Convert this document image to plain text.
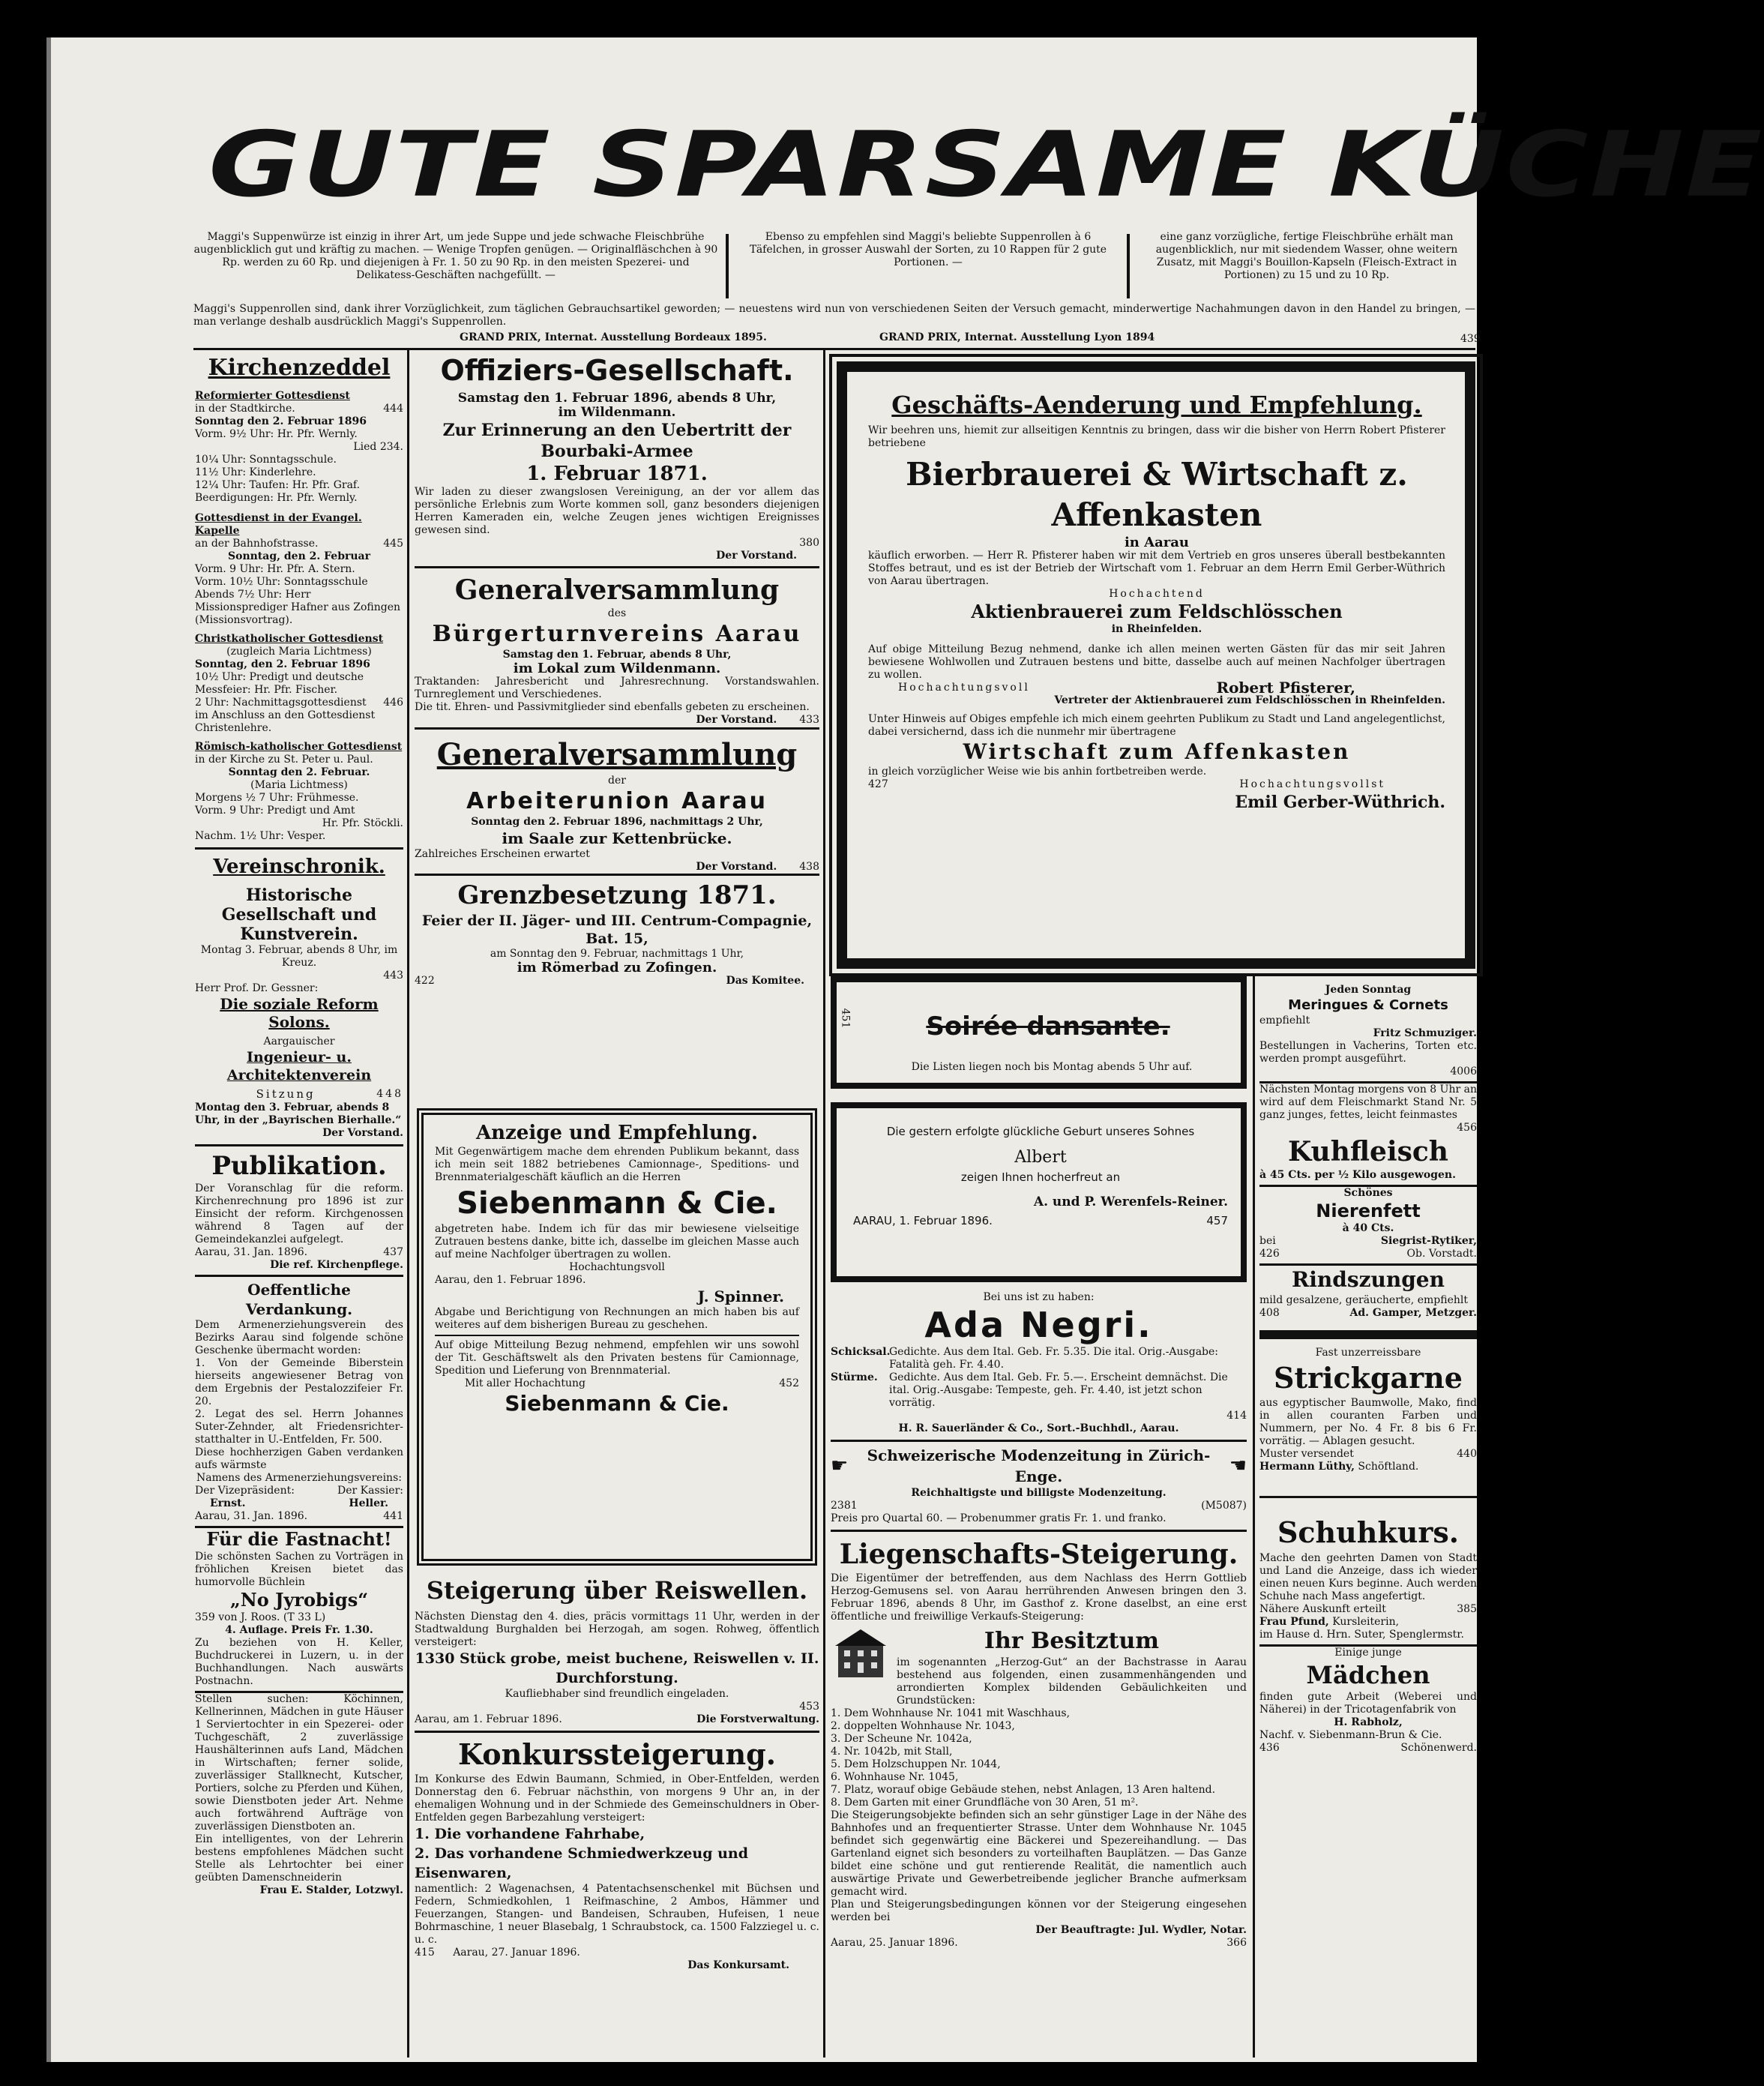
GUTE SPARSAME KÜCHE
Maggi's Suppenwürze ist einzig in ihrer Art, um jede Suppe und jede schwache Fleischbrühe augenblicklich gut und kräftig zu machen. — Wenige Tropfen genügen. — Originalfläschchen à 90 Rp. werden zu 60 Rp. und diejenigen à Fr. 1. 50 zu 90 Rp. in den meisten Spezerei- und Delikatess-Geschäften nachgefüllt. —
Ebenso zu empfehlen sind Maggi's beliebte Suppenrollen à 6 Täfelchen, in grosser Auswahl der Sorten, zu 10 Rappen für 2 gute Portionen. —
eine ganz vorzügliche, fertige Fleischbrühe erhält man augenblicklich, nur mit siedendem Wasser, ohne weitern Zusatz, mit Maggi's Bouillon-Kapseln (Fleisch-Extract in Portionen) zu 15 und zu 10 Rp.
Maggi's Suppenrollen sind, dank ihrer Vorzüglichkeit, zum täglichen Gebrauchsartikel geworden; — neuestens wird nun von verschiedenen Seiten der Versuch gemacht, minderwertige Nachahmungen davon in den Handel zu bringen, — man verlange deshalb ausdrücklich Maggi's Suppenrollen.
GRAND PRIX, Internat. Ausstellung Bordeaux 1895.	GRAND PRIX, Internat. Ausstellung Lyon 1894	439
Kirchenzeddel
Reformierter Gottesdienst
in der Stadtkirche.	444
Sonntag den 2. Februar 1896
Vorm. 9½ Uhr: Hr. Pfr. Wernly.
Lied 234.
10¼ Uhr: Sonntagsschule.
11½ Uhr: Kinderlehre.
12¼ Uhr: Taufen: Hr. Pfr. Graf.
Beerdigungen: Hr. Pfr. Wernly.
Gottesdienst in der Evangel. Kapelle
an der Bahnhofstrasse.	445
Sonntag, den 2. Februar
Vorm. 9 Uhr: Hr. Pfr. A. Stern.
Vorm. 10½ Uhr: Sonntagsschule
Abends 7½ Uhr: Herr Missionsprediger Hafner aus Zofingen (Missionsvortrag).
Christkatholischer Gottesdienst
(zugleich Maria Lichtmess)
Sonntag, den 2. Februar 1896
10½ Uhr: Predigt und deutsche Messfeier: Hr. Pfr. Fischer.
2 Uhr: Nachmittagsgottesdienst 446
im Anschluss an den Gottesdienst Christenlehre.
Römisch-katholischer Gottesdienst
in der Kirche zu St. Peter u. Paul.
Sonntag den 2. Februar.
(Maria Lichtmess)
Morgens ½ 7 Uhr: Frühmesse.
Vorm. 9 Uhr: Predigt und Amt
Hr. Pfr. Stöckli.
Nachm. 1½ Uhr: Vesper.
Vereinschronik.
Historische Gesellschaft und Kunstverein.
Montag 3. Februar, abends 8 Uhr, im Kreuz.
443
Herr Prof. Dr. Gessner:
Die soziale Reform Solons.
Aargauischer
Ingenieur- u. Architektenverein
Sitzung	448
Montag den 3. Februar, abends 8 Uhr, in der „Bayrischen Bierhalle.“
Der Vorstand.
Publikation.
Der Voranschlag für die reform. Kirchenrechnung pro 1896 ist zur Einsicht der reform. Kirchgenossen während 8 Tagen auf der Gemeindekanzlei aufgelegt.
Aarau, 31. Jan. 1896.	437
Die ref. Kirchenpflege.
Oeffentliche Verdankung.
Dem Armenerziehungsverein des Bezirks Aarau sind folgende schöne Geschenke übermacht worden:
1. Von der Gemeinde Biberstein hierseits angewiesener Betrag von dem Ergebnis der Pestalozzifeier Fr. 20.
2. Legat des sel. Herrn Johannes Suter-Zehnder, alt Friedensrichter-statthalter in U.-Entfelden, Fr. 500.
Diese hochherzigen Gaben verdanken aufs wärmste
Namens des Armenerziehungsvereins:
Der Vizepräsident:	Der Kassier:
Ernst.	Heller.
Aarau, 31. Jan. 1896.	441
Für die Fastnacht!
Die schönsten Sachen zu Vorträgen in fröhlichen Kreisen bietet das humorvolle Büchlein
„No Jyrobigs“
359 von J. Roos. (T 33 L)
4. Auflage. Preis Fr. 1.30.
Zu beziehen von H. Keller, Buchdruckerei in Luzern, u. in der Buchhandlungen. Nach auswärts Postnachn.
Stellen suchen: Köchinnen, Kellnerinnen, Mädchen in gute Häuser 1 Serviertochter in ein Spezerei- oder Tuchgeschäft, 2 zuverlässige Haushälterinnen aufs Land, Mädchen in Wirtschaften; ferner solide, zuverlässiger Stallknecht, Kutscher, Portiers, solche zu Pferden und Kühen, sowie Dienstboten jeder Art. Nehme auch fortwährend Aufträge von zuverlässigen Dienstboten an.
Ein intelligentes, von der Lehrerin bestens empfohlenes Mädchen sucht Stelle als Lehrtochter bei einer geübten Damenschneiderin
Frau E. Stalder, Lotzwyl.
Offiziers-Gesellschaft.
Samstag den 1. Februar 1896, abends 8 Uhr,
im Wildenmann.
Zur Erinnerung an den Uebertritt der Bourbaki-Armee
1. Februar 1871.
Wir laden zu dieser zwangslosen Vereinigung, an der vor allem das persönliche Erlebnis zum Worte kommen soll, ganz besonders diejenigen Herren Kameraden ein, welche Zeugen jenes wichtigen Ereignisses gewesen sind.
380

Der Vorstand.
Generalversammlung
des
Bürgerturnvereins Aarau
Samstag den 1. Februar, abends 8 Uhr,
im Lokal zum Wildenmann.
Traktanden: Jahresbericht und Jahresrechnung. Vorstandswahlen. Turnreglement und Verschiedenes.
Die tit. Ehren- und Passivmitglieder sind ebenfalls gebeten zu erscheinen.
433
Der Vorstand.
Generalversammlung
der
Arbeiterunion Aarau
Sonntag den 2. Februar 1896, nachmittags 2 Uhr,
im Saale zur Kettenbrücke.
Zahlreiches Erscheinen erwartet
438
Der Vorstand.
Grenzbesetzung 1871.
Feier der II. Jäger- und III. Centrum-Compagnie, Bat. 15,
am Sonntag den 9. Februar, nachmittags 1 Uhr,
im Römerbad zu Zofingen.
422	Das Komitee.
Anzeige und Empfehlung.
Mit Gegenwärtigem mache dem ehrenden Publikum bekannt, dass ich mein seit 1882 betriebenes Camionnage-, Speditions- und Brennmaterialgeschäft käuflich an die Herren
Siebenmann & Cie.
abgetreten habe. Indem ich für das mir bewiesene vielseitige Zutrauen bestens danke, bitte ich, dasselbe im gleichen Masse auch auf meine Nachfolger übertragen zu wollen.
Hochachtungsvoll
Aarau, den 1. Februar 1896.
J. Spinner.
Abgabe und Berichtigung von Rechnungen an mich haben bis auf weiteres auf dem bisherigen Bureau zu geschehen.
Auf obige Mitteilung Bezug nehmend, empfehlen wir uns sowohl der Tit. Geschäftswelt als den Privaten bestens für Camionnage, Spedition und Lieferung von Brennmaterial.
Mit aller Hochachtung	452
Siebenmann & Cie.
Steigerung über Reiswellen.
Nächsten Dienstag den 4. dies, präcis vormittags 11 Uhr, werden in der Stadtwaldung Burghalden bei Herzogah, am sogen. Rohweg, öffentlich versteigert:
1330 Stück grobe, meist buchene, Reiswellen v. II. Durchforstung.
Kaufliebhaber sind freundlich eingeladen.
453
Aarau, am 1. Februar 1896.	Die Forstverwaltung.
Konkurssteigerung.
Im Konkurse des Edwin Baumann, Schmied, in Ober-Entfelden, werden Donnerstag den 6. Februar nächsthin, von morgens 9 Uhr an, in der ehemaligen Wohnung und in der Schmiede des Gemeinschuldners in Ober-Entfelden gegen Barbezahlung versteigert:
1. Die vorhandene Fahrhabe,
2. Das vorhandene Schmiedwerkzeug und Eisenwaren,
namentlich: 2 Wagenachsen, 4 Patentachsenschenkel mit Büchsen und Federn, Schmiedkohlen, 1 Reifmaschine, 2 Ambos, Hämmer und Feuerzangen, Stangen- und Bandeisen, Schrauben, Hufeisen, 1 neue Bohrmaschine, 1 neuer Blasebalg, 1 Schraubstock, ca. 1500 Falzziegel u. c. u. c.
415 Aarau, 27. Januar 1896.
Das Konkursamt.
Geschäfts-Aenderung und Empfehlung.
Wir beehren uns, hiemit zur allseitigen Kenntnis zu bringen, dass wir die bisher von Herrn Robert Pfisterer betriebene
Bierbrauerei & Wirtschaft z. Affenkasten
in Aarau
käuflich erworben. — Herr R. Pfisterer haben wir mit dem Vertrieb en gros unseres überall bestbekannten Stoffes betraut, und es ist der Betrieb der Wirtschaft vom 1. Februar an dem Herrn Emil Gerber-Wüthrich von Aarau übertragen.
Hochachtend
Aktienbrauerei zum Feldschlösschen
in Rheinfelden.
Auf obige Mitteilung Bezug nehmend, danke ich allen meinen werten Gästen für das mir seit Jahren bewiesene Wohlwollen und Zutrauen bestens und bitte, dasselbe auch auf meinen Nachfolger übertragen zu wollen.
Hochachtungsvoll	Robert Pfisterer,
Vertreter der Aktienbrauerei zum Feldschlösschen in Rheinfelden.
Unter Hinweis auf Obiges empfehle ich mich einem geehrten Publikum zu Stadt und Land angelegentlichst, dabei versichernd, dass ich die nunmehr mir übertragene
Wirtschaft zum Affenkasten
in gleich vorzüglicher Weise wie bis anhin fortbetreiben werde.
427	Hochachtungsvollst
Emil Gerber-Wüthrich.
451	Soirée dansante.
Die Listen liegen noch bis Montag abends 5 Uhr auf.
Die gestern erfolgte glückliche Geburt unseres Sohnes
Albert
zeigen Ihnen hocherfreut an
A. und P. Werenfels-Reiner.
AARAU, 1. Februar 1896.	457
Bei uns ist zu haben:
Ada Negri.
Schicksal.
Gedichte. Aus dem Ital. Geb. Fr. 5.35. Die ital. Orig.-Ausgabe: Fatalità geh. Fr. 4.40.
Stürme.	Gedichte. Aus dem Ital. Geb. Fr. 5.—. Erscheint demnächst. Die ital. Orig.-Ausgabe: Tempeste, geh. Fr. 4.40, ist jetzt schon vorrätig.
414
H. R. Sauerländer & Co., Sort.-Buchhdl., Aarau.
☛	Schweizerische Modenzeitung in Zürich-Enge.	☚
Reichhaltigste und billigste Modenzeitung.
2381	(M5087)
Preis pro Quartal 60. — Probenummer gratis Fr. 1. und franko.
Liegenschafts-Steigerung.
Die Eigentümer der betreffenden, aus dem Nachlass des Herrn Gottlieb Herzog-Gemusens sel. von Aarau herrührenden Anwesen bringen den 3. Februar 1896, abends 8 Uhr, im Gasthof z. Krone daselbst, an eine erst öffentliche und freiwillige Verkaufs-Steigerung:
Ihr Besitztum
im sogenannten „Herzog-Gut“ an der Bachstrasse in Aarau bestehend aus folgenden, einen zusammenhängenden und arrondierten Komplex bildenden Gebäulichkeiten und Grundstücken:
1. Dem Wohnhause Nr. 1041 mit Waschhaus,
2. doppelten Wohnhause Nr. 1043,
3. Der Scheune Nr. 1042a,
4. Nr. 1042b, mit Stall,
5. Dem Holzschuppen Nr. 1044,
6. Wohnhause Nr. 1045,
7. Platz, worauf obige Gebäude stehen, nebst Anlagen, 13 Aren haltend.
8. Dem Garten mit einer Grundfläche von 30 Aren, 51 m².
Die Steigerungsobjekte befinden sich an sehr günstiger Lage in der Nähe des Bahnhofes und an frequentierter Strasse. Unter dem Wohnhause Nr. 1045 befindet sich gegenwärtig eine Bäckerei und Spezereihandlung. — Das Gartenland eignet sich besonders zu vorteilhaften Bauplätzen. — Das Ganze bildet eine schöne und gut rentierende Realität, die namentlich auch auswärtige Private und Gewerbetreibende jeglicher Branche aufmerksam gemacht wird.
Plan und Steigerungsbedingungen können vor der Steigerung eingesehen werden bei
Der Beauftragte: Jul. Wydler, Notar.
Aarau, 25. Januar 1896.	366
Jeden Sonntag
Meringues & Cornets
empfiehlt
Fritz Schmuziger.
Bestellungen in Vacherins, Torten etc. werden prompt ausgeführt.
4006
Nächsten Montag morgens von 8 Uhr an wird auf dem Fleischmarkt Stand Nr. 5 ganz junges, fettes, leicht feinmastes
456
Kuhfleisch
à 45 Cts. per ½ Kilo ausgewogen.
Schönes
Nierenfett
à 40 Cts.
bei	Siegrist-Rytiker,
426	Ob. Vorstadt.
Rindszungen
mild gesalzene, geräucherte, empfiehlt
408	Ad. Gamper, Metzger.
Fast unzerreissbare
Strickgarne
aus egyptischer Baumwolle, Mako, find in allen couranten Farben und Nummern, per No. 4 Fr. 8 bis 6 Fr. vorrätig. — Ablagen gesucht.
Muster versendet	440
Hermann Lüthy, Schöftland.
Schuhkurs.
Mache den geehrten Damen von Stadt und Land die Anzeige, dass ich wieder einen neuen Kurs beginne. Auch werden Schuhe nach Mass angefertigt.
Nähere Auskunft erteilt	385
Frau Pfund, Kursleiterin,
im Hause d. Hrn. Suter, Spenglermstr.
Einige junge
Mädchen
finden gute Arbeit (Weberei und Näherei) in der Tricotagenfabrik von
H. Rabholz,
Nachf. v. Siebenmann-Brun & Cie.
436	Schönenwerd.
